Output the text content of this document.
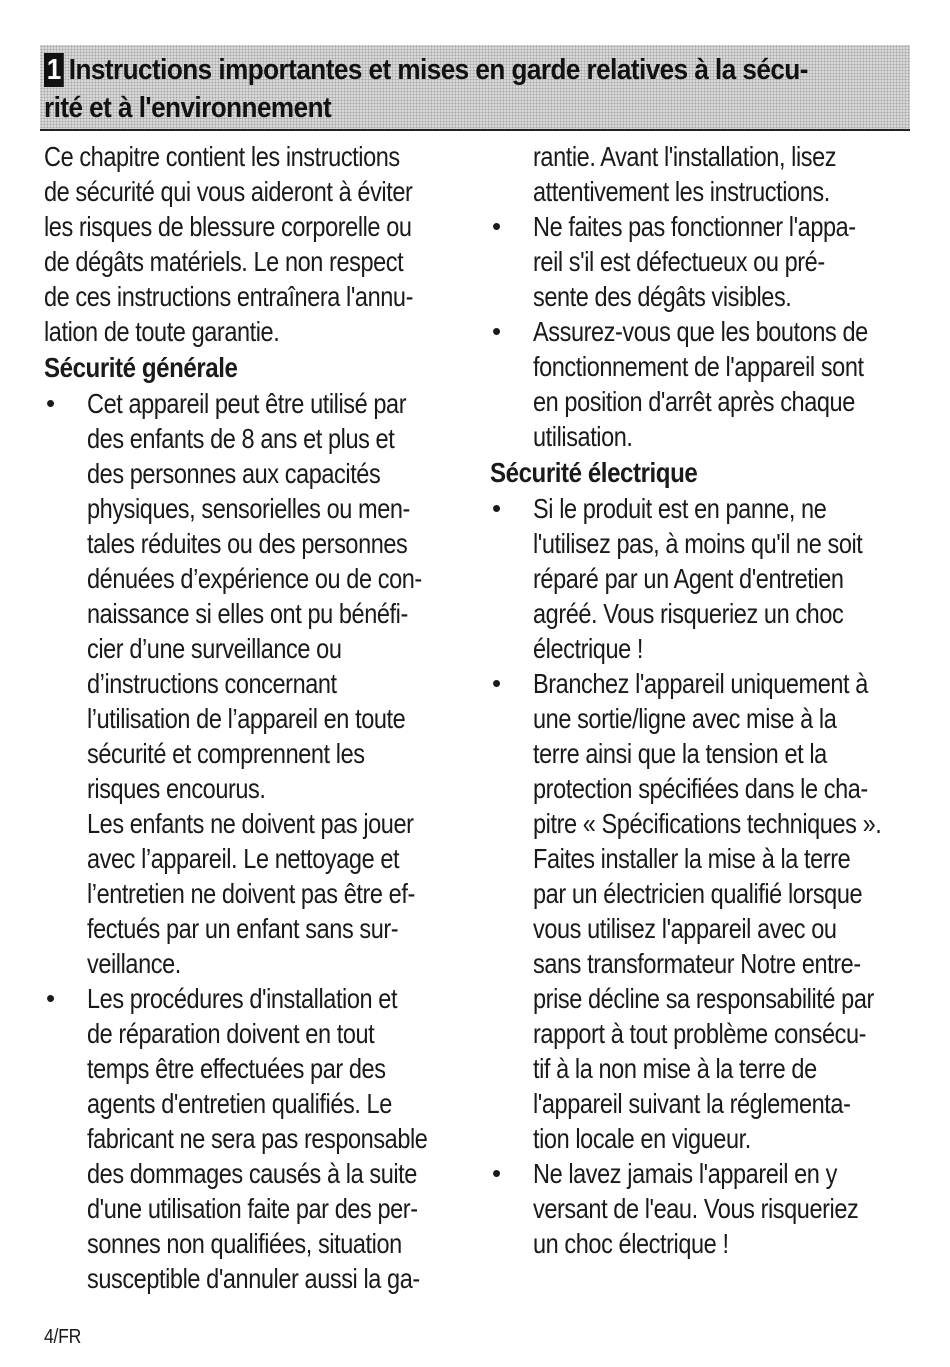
1 Instructions importantes et mises en garde relatives à la sécu-
rité et à l'environnement
Ce chapitre contient les instructions
de sécurité qui vous aideront à éviter
les risques de blessure corporelle ou
de dégâts matériels. Le non respect
de ces instructions entraînera l'annu-
lation de toute garantie.
Sécurité générale
• Cet appareil peut être utilisé par
des enfants de 8 ans et plus et
des personnes aux capacités
physiques, sensorielles ou men-
tales réduites ou des personnes
dénuées d’expérience ou de con-
naissance si elles ont pu bénéfi-
cier d’une surveillance ou
d’instructions concernant
l’utilisation de l’appareil en toute
sécurité et comprennent les
risques encourus.
Les enfants ne doivent pas jouer
avec l’appareil. Le nettoyage et
l’entretien ne doivent pas être ef-
fectués par un enfant sans sur-
veillance.
• Les procédures d'installation et
de réparation doivent en tout
temps être effectuées par des
agents d'entretien qualifiés. Le
fabricant ne sera pas responsable
des dommages causés à la suite
d'une utilisation faite par des per-
sonnes non qualifiées, situation
susceptible d'annuler aussi la ga-
rantie. Avant l'installation, lisez
attentivement les instructions.
• Ne faites pas fonctionner l'appa-
reil s'il est défectueux ou pré-
sente des dégâts visibles.
• Assurez-vous que les boutons de
fonctionnement de l'appareil sont
en position d'arrêt après chaque
utilisation.
Sécurité électrique
• Si le produit est en panne, ne
l'utilisez pas, à moins qu'il ne soit
réparé par un Agent d'entretien
agréé. Vous risqueriez un choc
électrique !
• Branchez l'appareil uniquement à
une sortie/ligne avec mise à la
terre ainsi que la tension et la
protection spécifiées dans le cha-
pitre « Spécifications techniques ».
Faites installer la mise à la terre
par un électricien qualifié lorsque
vous utilisez l'appareil avec ou
sans transformateur Notre entre-
prise décline sa responsabilité par
rapport à tout problème consécu-
tif à la non mise à la terre de
l'appareil suivant la réglementa-
tion locale en vigueur.
• Ne lavez jamais l'appareil en y
versant de l'eau. Vous risqueriez
un choc électrique !
4/FR
